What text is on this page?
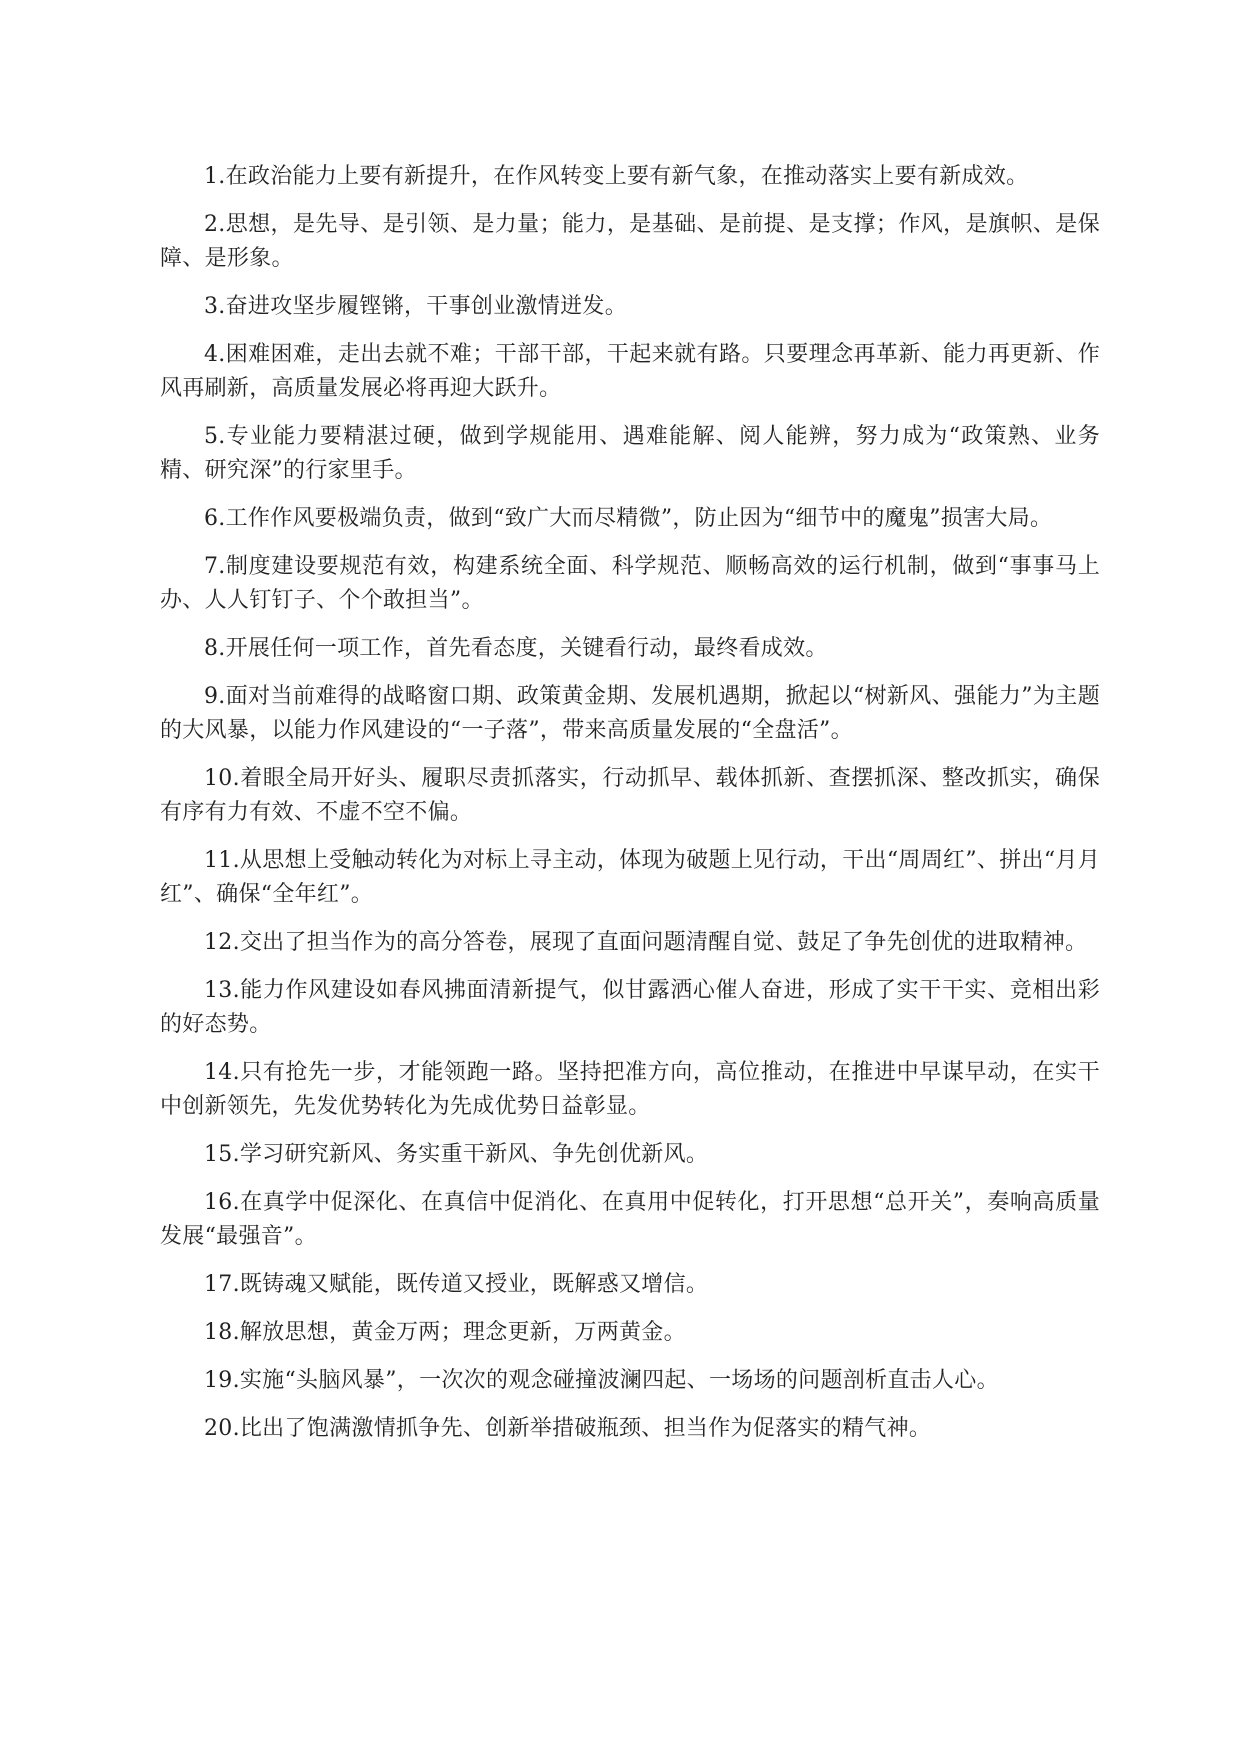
1.在政治能力上要有新提升，在作风转变上要有新气象，在推动落实上要有新成效。

2.思想，是先导、是引领、是力量；能力，是基础、是前提、是支撑；作风，是旗帜、是保障、是形象。

3.奋进攻坚步履铿锵，干事创业激情迸发。

4.困难困难，走出去就不难；干部干部，干起来就有路。只要理念再革新、能力再更新、作风再刷新，高质量发展必将再迎大跃升。

5.专业能力要精湛过硬，做到学规能用、遇难能解、阅人能辨，努力成为“政策熟、业务精、研究深”的行家里手。

6.工作作风要极端负责，做到“致广大而尽精微”，防止因为“细节中的魔鬼”损害大局。

7.制度建设要规范有效，构建系统全面、科学规范、顺畅高效的运行机制，做到“事事马上办、人人钉钉子、个个敢担当”。

8.开展任何一项工作，首先看态度，关键看行动，最终看成效。

9.面对当前难得的战略窗口期、政策黄金期、发展机遇期，掀起以“树新风、强能力”为主题的大风暴，以能力作风建设的“一子落”，带来高质量发展的“全盘活”。

10.着眼全局开好头、履职尽责抓落实，行动抓早、载体抓新、查摆抓深、整改抓实，确保有序有力有效、不虚不空不偏。

11.从思想上受触动转化为对标上寻主动，体现为破题上见行动，干出“周周红”、拼出“月月红”、确保“全年红”。

12.交出了担当作为的高分答卷，展现了直面问题清醒自觉、鼓足了争先创优的进取精神。

13.能力作风建设如春风拂面清新提气，似甘露洒心催人奋进，形成了实干干实、竞相出彩的好态势。

14.只有抢先一步，才能领跑一路。坚持把准方向，高位推动，在推进中早谋早动，在实干中创新领先，先发优势转化为先成优势日益彰显。

15.学习研究新风、务实重干新风、争先创优新风。

16.在真学中促深化、在真信中促消化、在真用中促转化，打开思想“总开关”，奏响高质量发展“最强音”。

17.既铸魂又赋能，既传道又授业，既解惑又增信。

18.解放思想，黄金万两；理念更新，万两黄金。

19.实施“头脑风暴”，一次次的观念碰撞波澜四起、一场场的问题剖析直击人心。

20.比出了饱满激情抓争先、创新举措破瓶颈、担当作为促落实的精气神。
